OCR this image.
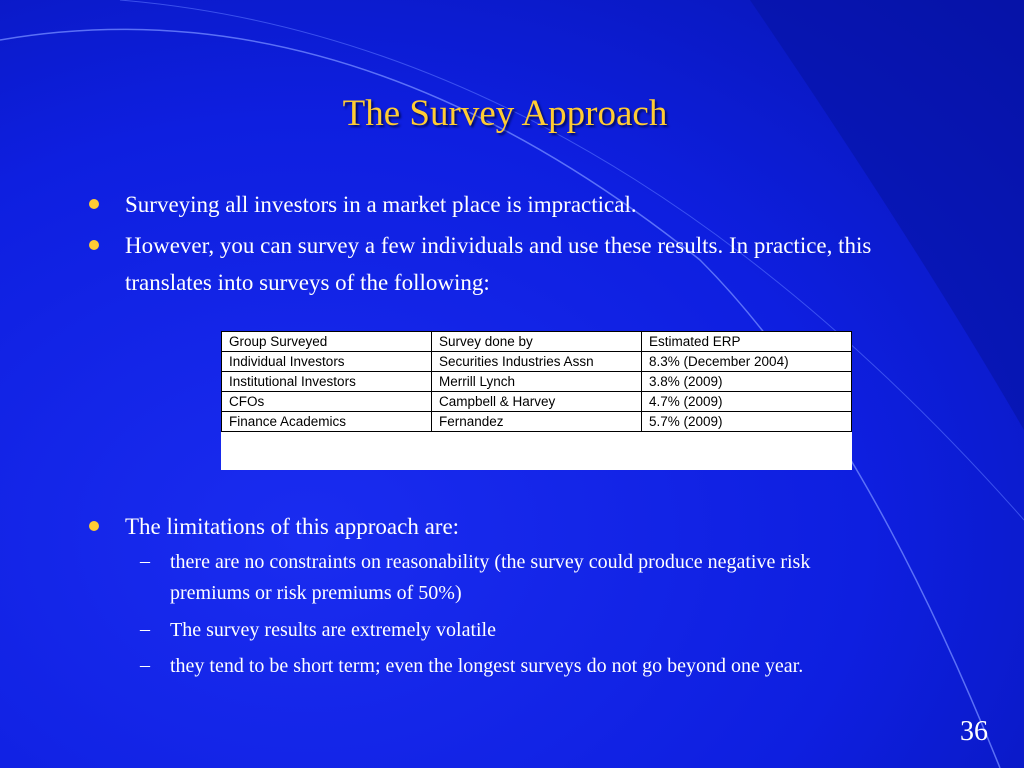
The Survey Approach
Surveying all investors in a market place is impractical.
However, you can survey a few individuals and use these results. In practice, this translates into surveys of the following:
The limitations of this approach are:
– there are no constraints on reasonability (the survey could produce negative risk premiums or risk premiums of 50%)
– The survey results are extremely volatile
– they tend to be short term; even the longest surveys do not go beyond one year.
Group Surveyed	Survey done by	Estimated ERP
Individual Investors	Securities Industries Assn	8.3% (December 2004)
Institutional Investors	Merrill Lynch	3.8% (2009)
CFOs	Campbell & Harvey	4.7% (2009)
Finance Academics	Fernandez	5.7% (2009)
36
